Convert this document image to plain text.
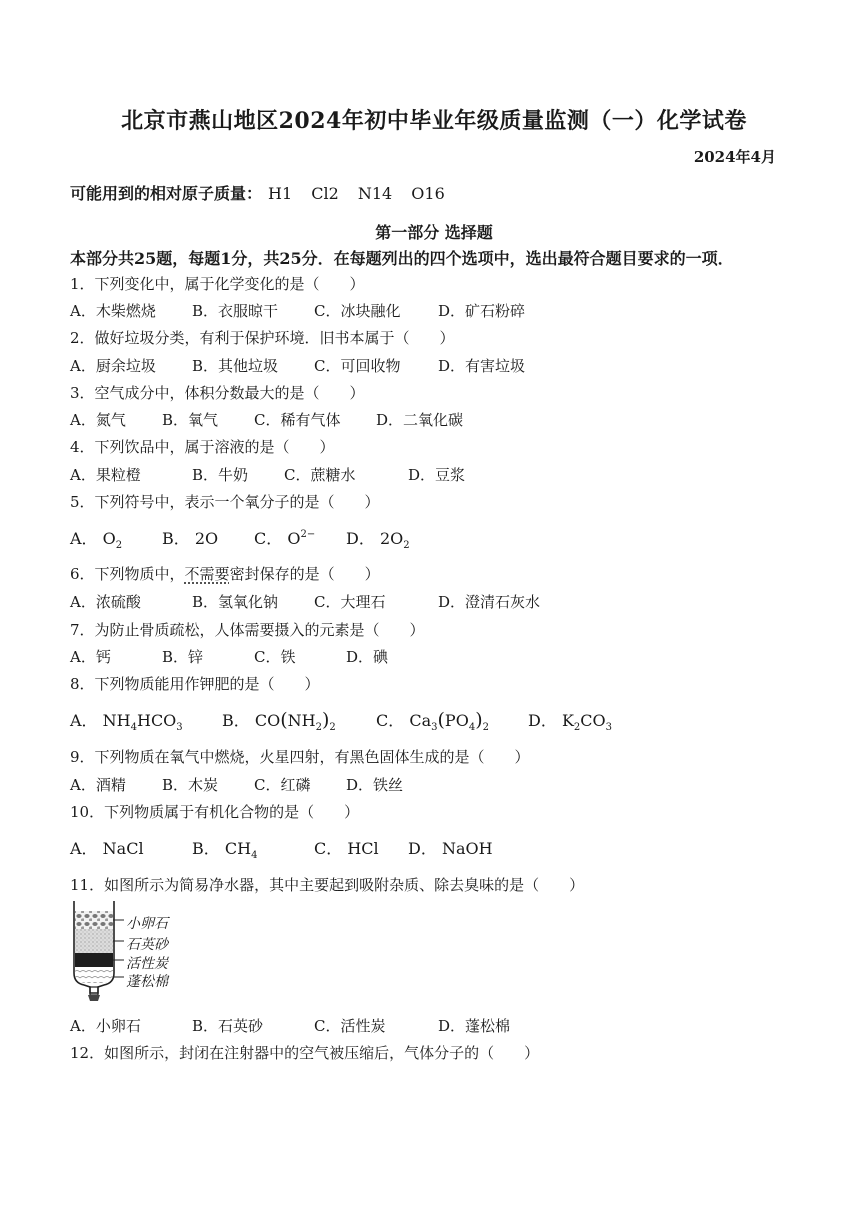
北京市燕山地区2024年初中毕业年级质量监测（一）化学试卷
2024年4月
可能用到的相对原子质量： H1 Cl2 N14 O16
第一部分 选择题
本部分共25题，每题1分，共25分．在每题列出的四个选项中，选出最符合题目要求的一项．
1．下列变化中，属于化学变化的是（　　）
A．木柴燃烧 B．衣服晾干 C．冰块融化	D．矿石粉碎
2．做好垃圾分类，有利于保护环境．旧书本属于（　　）
A．厨余垃圾 B．其他垃圾 C．可回收物	D．有害垃圾
3．空气成分中，体积分数最大的是（　　）
A．氮气 B．氧气 C．稀有气体 D．二氧化碳
4．下列饮品中，属于溶液的是（　　）
A．果粒橙	B．牛奶 C．蔗糖水	D．豆浆
5．下列符号中，表示一个氧分子的是（　　）
A． $O_2$ B． 2O C． $O^{2-}$ D． $2O_2$
6．下列物质中，不需要密封保存的是（　　）
A．浓硫酸	B．氢氧化钠 C．大理石	D．澄清石灰水
7．为防止骨质疏松，人体需要摄入的元素是（　　）
A．钙	B．锌	C．铁	D．碘
8．下列物质能用作钾肥的是（　　）
A． $NH_4HCO_3$ B． $CO(NH_2)_2$	C． $Ca_3(PO_4)_2$ D． $K_2CO_3$
9．下列物质在氧气中燃烧，火星四射，有黑色固体生成的是（　　）
A．酒精 B．木炭 C．红磷 D．铁丝
10．下列物质属于有机化合物的是（　　）
A． NaCl	B． $CH_4$	C． HCl D． NaOH
11．如图所示为简易净水器，其中主要起到吸附杂质、除去臭味的是（　　）
小卵石
石英砂
活性炭
蓬松棉
A．小卵石	B．石英砂	C．活性炭	D．蓬松棉
12．如图所示，封闭在注射器中的空气被压缩后，气体分子的（　　）
